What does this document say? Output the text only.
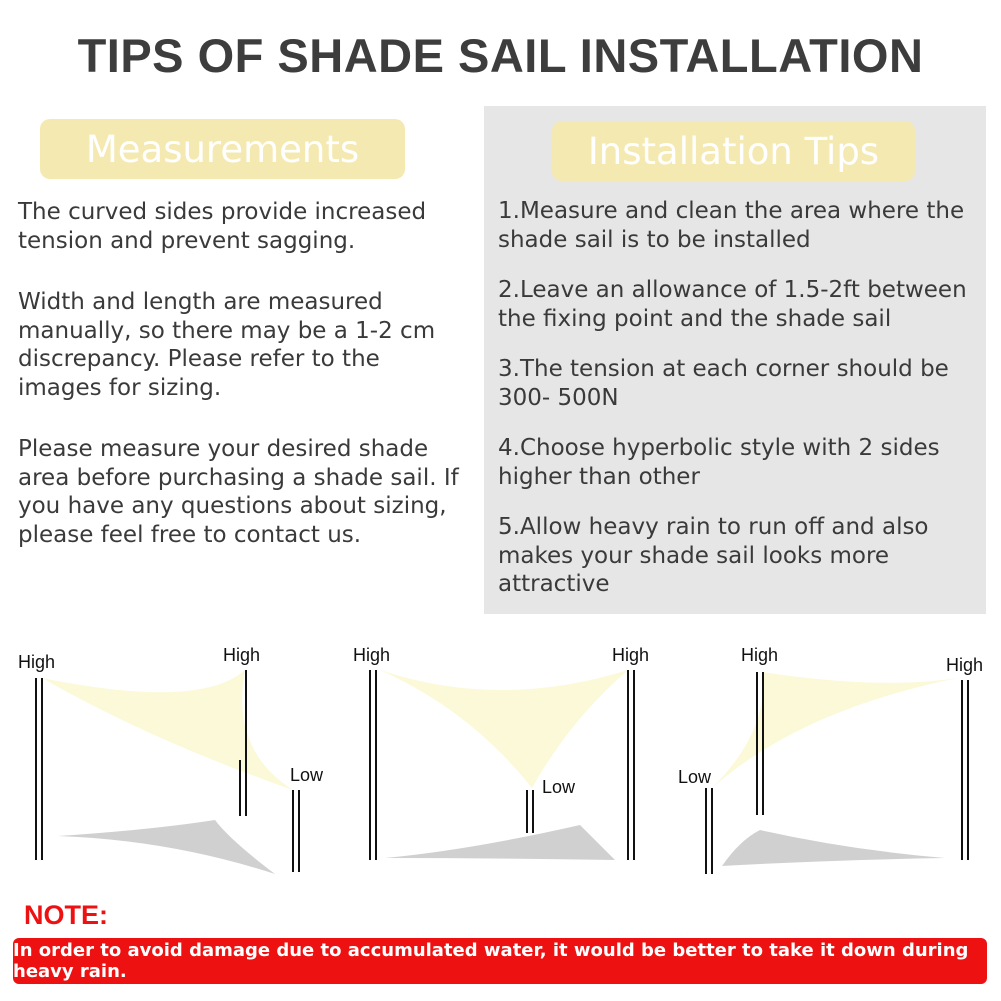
TIPS OF SHADE SAIL INSTALLATION
Measurements	Installation Tips

The curved sides provide increased tension and prevent sagging.

Width and length are measured manually, so there may be a 1-2 cm discrepancy. Please refer to the images for sizing.

Please measure your desired shade area before purchasing a shade sail. If you have any questions about sizing, please feel free to contact us.

1.Measure and clean the area where the shade sail is to be installed

2.Leave an allowance of 1.5-2ft between the fixing point and the shade sail

3.The tension at each corner should be 300- 500N

4.Choose hyperbolic style with 2 sides higher than other

5.Allow heavy rain to run off and also makes your shade sail looks more attractive

High	High
Low
High	High
Low
High	High
Low
NOTE:
In order to avoid damage due to accumulated water, it would be better to take it down during heavy rain.
